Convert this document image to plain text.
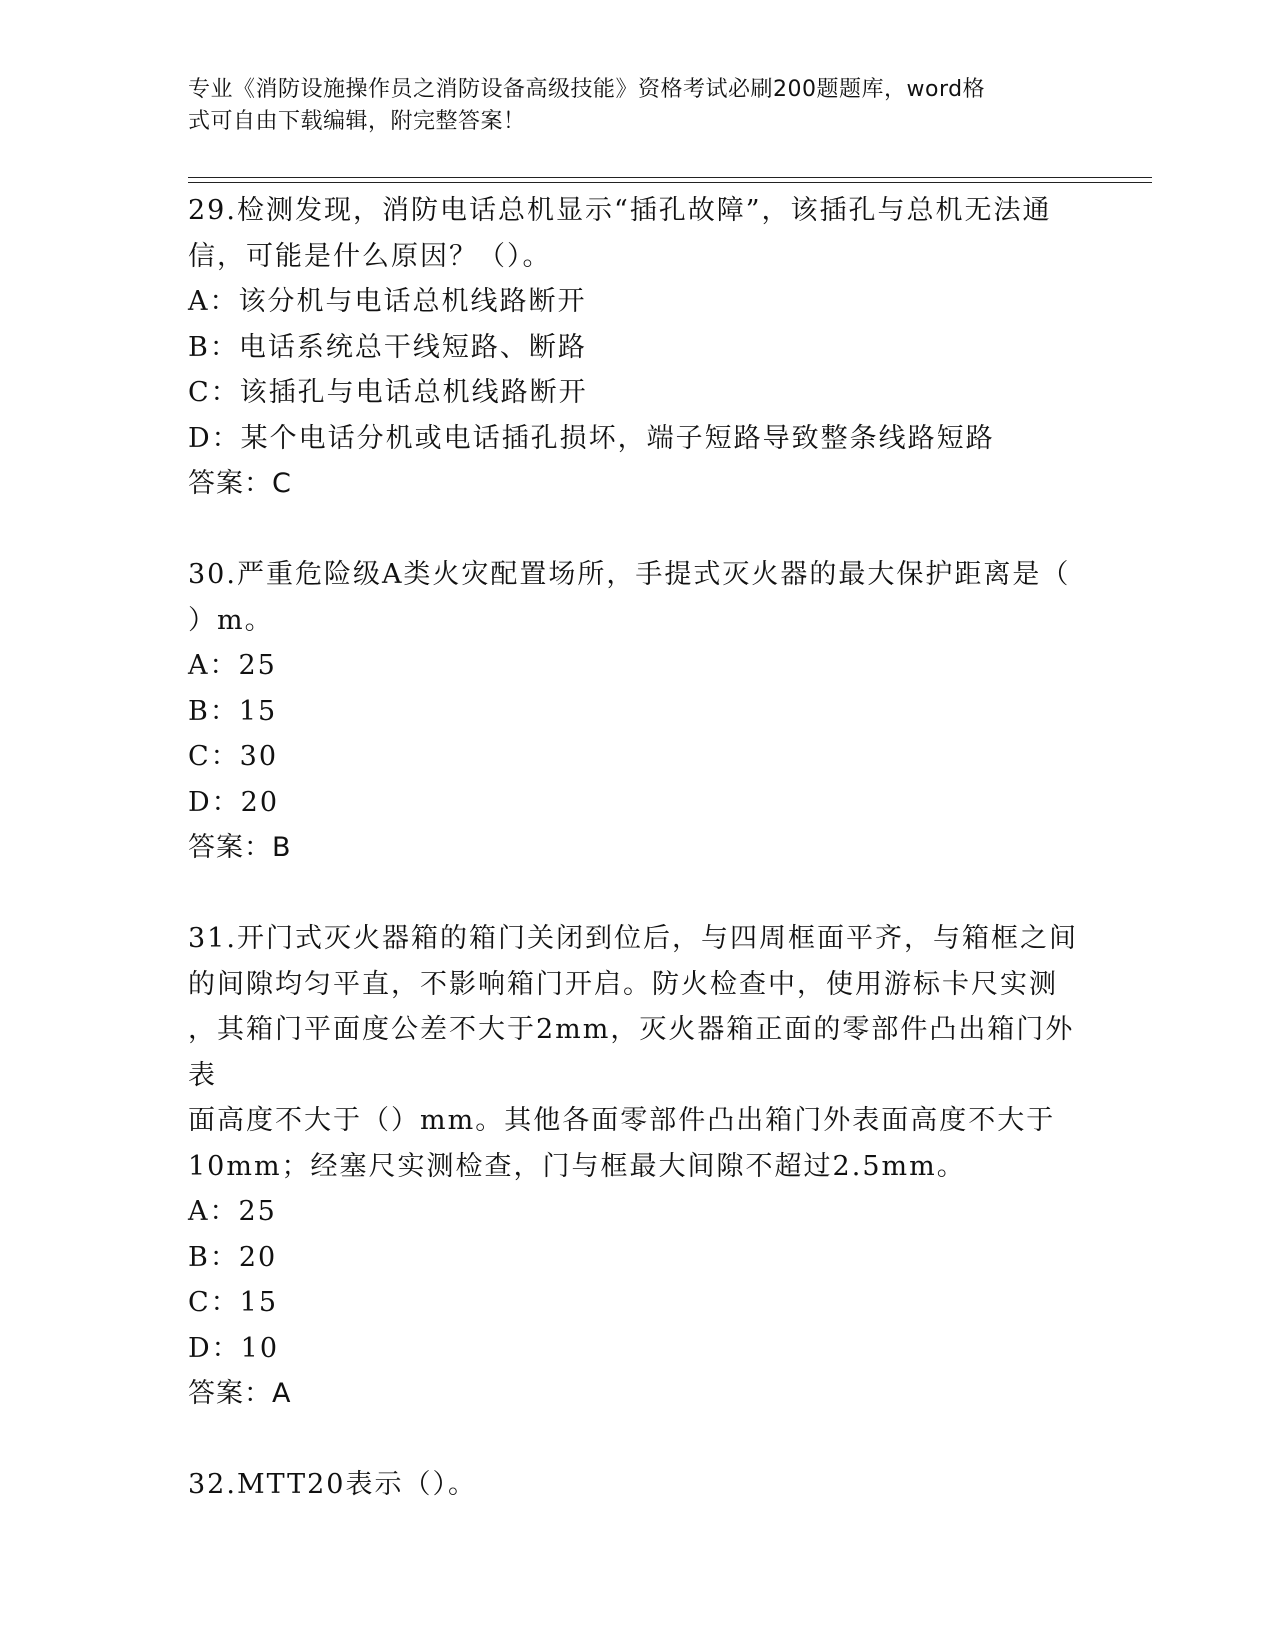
专业《消防设施操作员之消防设备高级技能》资格考试必刷200题题库，word格
式可自由下载编辑，附完整答案！

29.检测发现，消防电话总机显示“插孔故障”，该插孔与总机无法通
信，可能是什么原因？（）。

A：该分机与电话总机线路断开

B：电话系统总干线短路、断路

C：该插孔与电话总机线路断开

D：某个电话分机或电话插孔损坏，端子短路导致整条线路短路

答案：C

30.严重危险级A类火灾配置场所，手提式灭火器的最大保护距离是（
）m。

A：25

B：15

C：30

D：20

答案：B

31.开门式灭火器箱的箱门关闭到位后，与四周框面平齐，与箱框之间
的间隙均匀平直，不影响箱门开启。防火检查中，使用游标卡尺实测
，其箱门平面度公差不大于2mm，灭火器箱正面的零部件凸出箱门外表
面高度不大于（）mm。其他各面零部件凸出箱门外表面高度不大于
10mm；经塞尺实测检查，门与框最大间隙不超过2.5mm。

A：25

B：20

C：15

D：10

答案：A

32.MTT20表示（）。
